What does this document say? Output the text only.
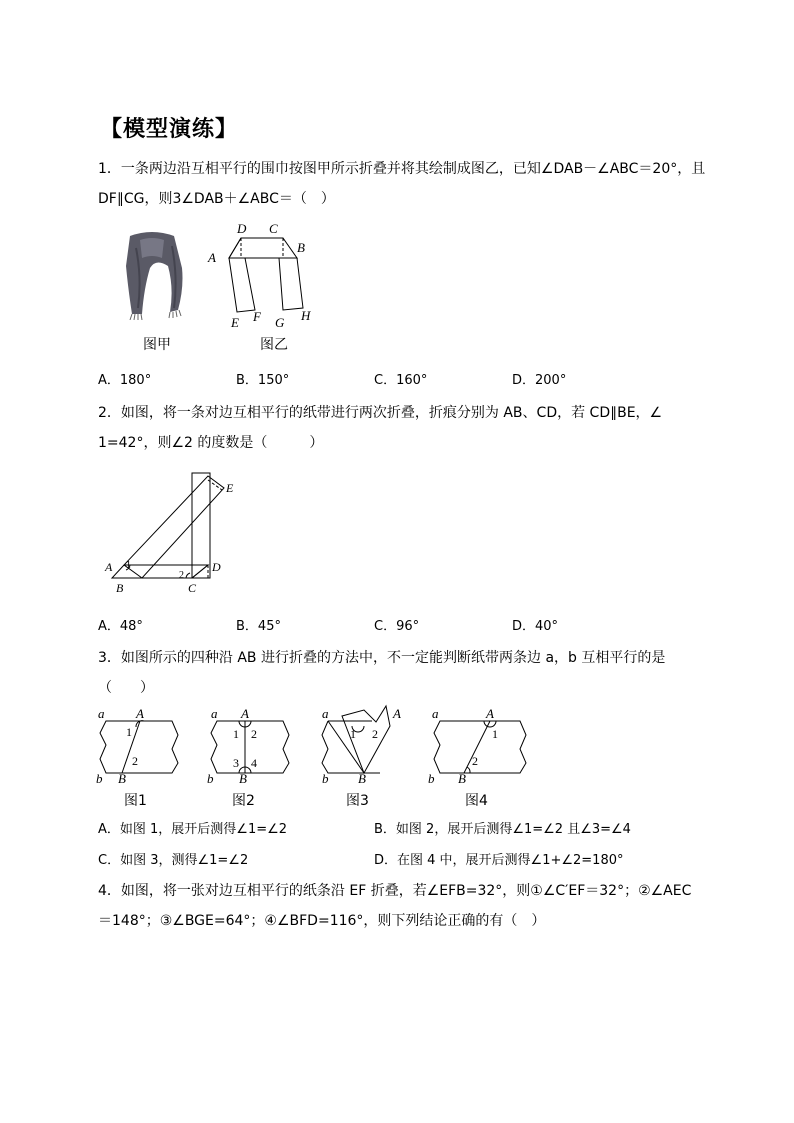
【模型演练】
1．一条两边沿互相平行的围巾按图甲所示折叠并将其绘制成图乙，已知∠DAB－∠ABC＝20°，且
DF∥CG，则3∠DAB＋∠ABC＝（　）
图甲
D C
B
A
E F G H
图乙
A．180°	B．150°	C．160°	D．200°
2．如图，将一条对边互相平行的纸带进行两次折叠，折痕分别为 AB、CD，若 CD∥BE，∠
1=42°，则∠2 的度数是（　　　）
E
A 1
2
D
B	C
A．48°	B．45°	C．96°	D．40°
3．如图所示的四种沿 AB 进行折叠的方法中，不一定能判断纸带两条边 a，b 互相平行的是
（　　）
a A
1
2
b B
图1
a A
1 2
3 4
b B
图2
a	A
1 2
b B
图3
a	A
1
2
b B
图4
A．如图 1，展开后测得∠1=∠2	B．如图 2，展开后测得∠1=∠2 且∠3=∠4
C．如图 3，测得∠1=∠2	D．在图 4 中，展开后测得∠1+∠2=180°
4．如图，将一张对边互相平行的纸条沿 EF 折叠，若∠EFB=32°，则①∠C′EF＝32°；②∠AEC
＝148°；③∠BGE=64°；④∠BFD=116°，则下列结论正确的有（　）
